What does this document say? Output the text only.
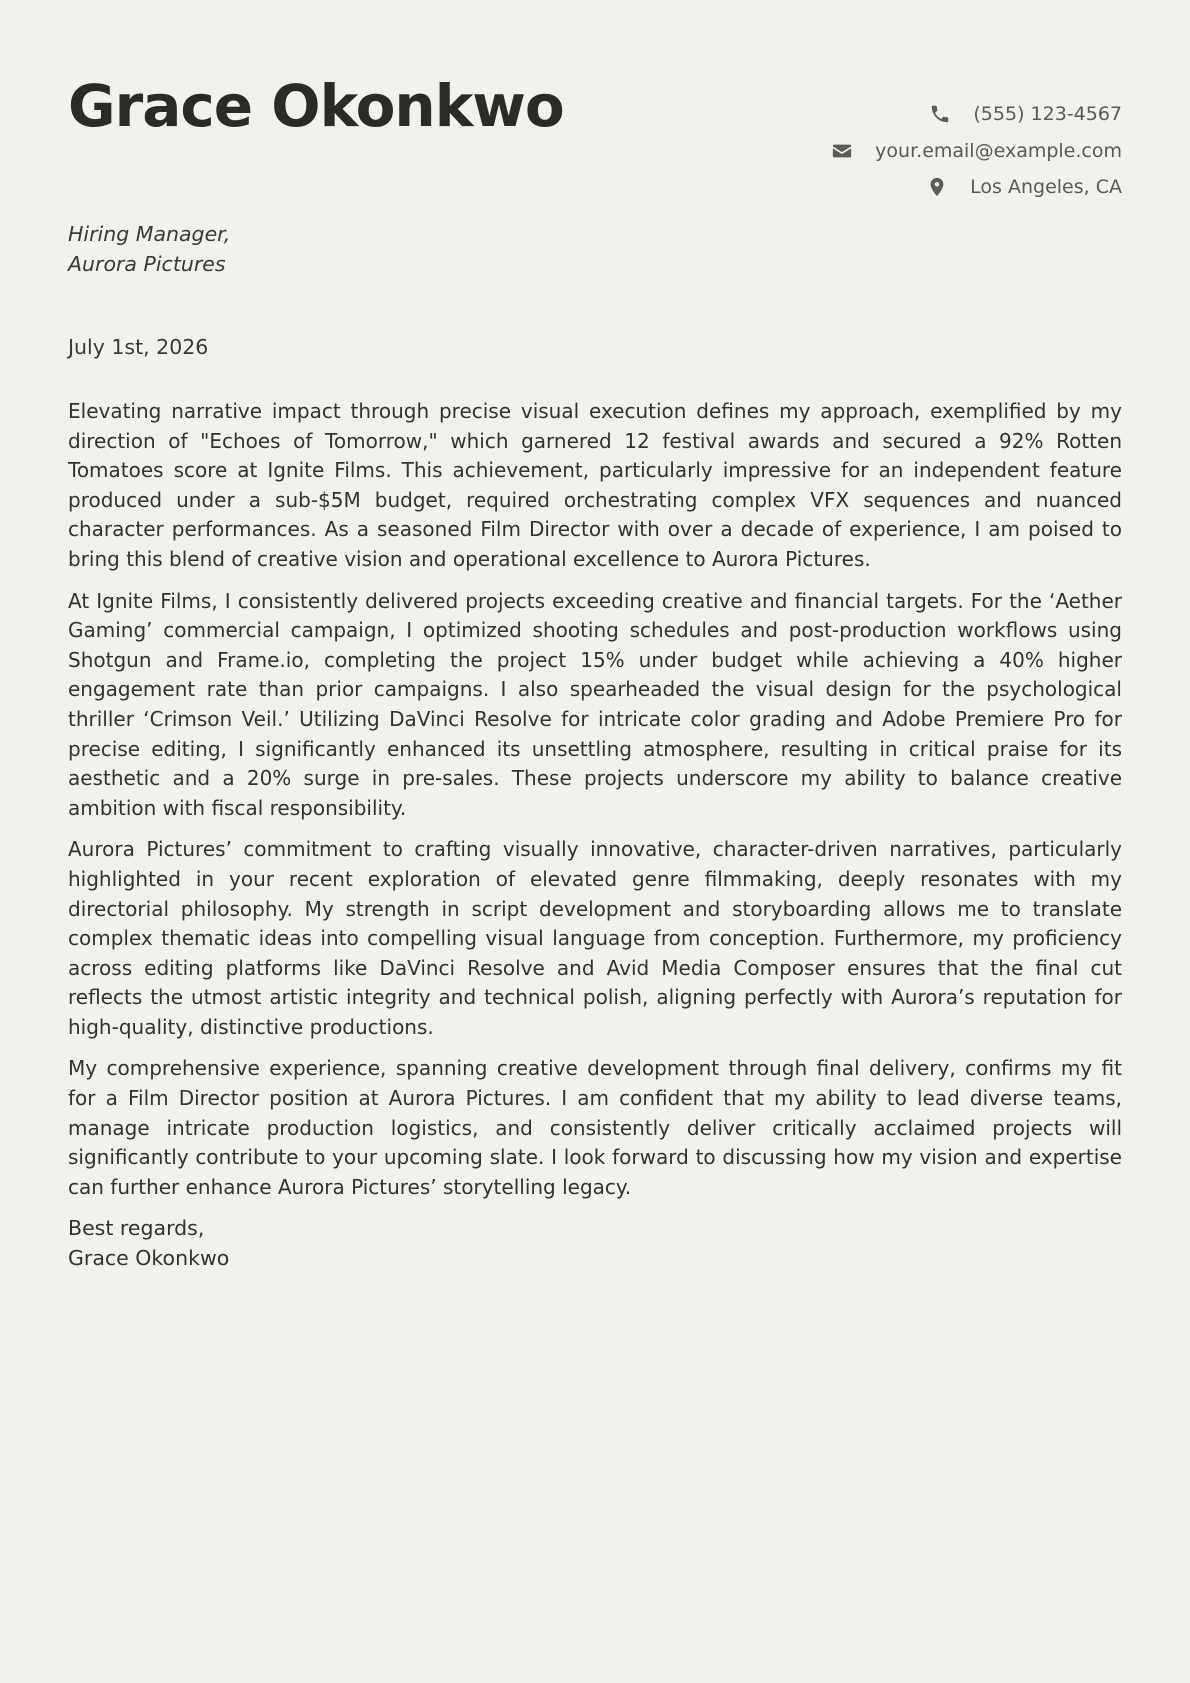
Grace Okonkwo	(555) 123-4567
your.email@example.com
Los Angeles, CA
Hiring Manager,
Aurora Pictures
July 1st, 2026

Elevating narrative impact through precise visual execution defines my approach, exemplified by my direction of "Echoes of Tomorrow," which garnered 12 festival awards and secured a 92% Rotten Tomatoes score at Ignite Films. This achievement, particularly impressive for an independent feature produced under a sub-$5M budget, required orchestrating complex VFX sequences and nuanced character performances. As a seasoned Film Director with over a decade of experience, I am poised to bring this blend of creative vision and operational excellence to Aurora Pictures.

At Ignite Films, I consistently delivered projects exceeding creative and financial targets. For the ‘Aether Gaming’ commercial campaign, I optimized shooting schedules and post-production workflows using Shotgun and Frame.io, completing the project 15% under budget while achieving a 40% higher engagement rate than prior campaigns. I also spearheaded the visual design for the psychological thriller ‘Crimson Veil.’ Utilizing DaVinci Resolve for intricate color grading and Adobe Premiere Pro for precise editing, I significantly enhanced its unsettling atmosphere, resulting in critical praise for its aesthetic and a 20% surge in pre-sales. These projects underscore my ability to balance creative ambition with fiscal responsibility.

Aurora Pictures’ commitment to crafting visually innovative, character-driven narratives, particularly highlighted in your recent exploration of elevated genre filmmaking, deeply resonates with my directorial philosophy. My strength in script development and storyboarding allows me to translate complex thematic ideas into compelling visual language from conception. Furthermore, my proficiency across editing platforms like DaVinci Resolve and Avid Media Composer ensures that the final cut reflects the utmost artistic integrity and technical polish, aligning perfectly with Aurora’s reputation for high-quality, distinctive productions.

My comprehensive experience, spanning creative development through final delivery, confirms my fit for a Film Director position at Aurora Pictures. I am confident that my ability to lead diverse teams, manage intricate production logistics, and consistently deliver critically acclaimed projects will significantly contribute to your upcoming slate. I look forward to discussing how my vision and expertise can further enhance Aurora Pictures’ storytelling legacy.

Best regards,
Grace Okonkwo
